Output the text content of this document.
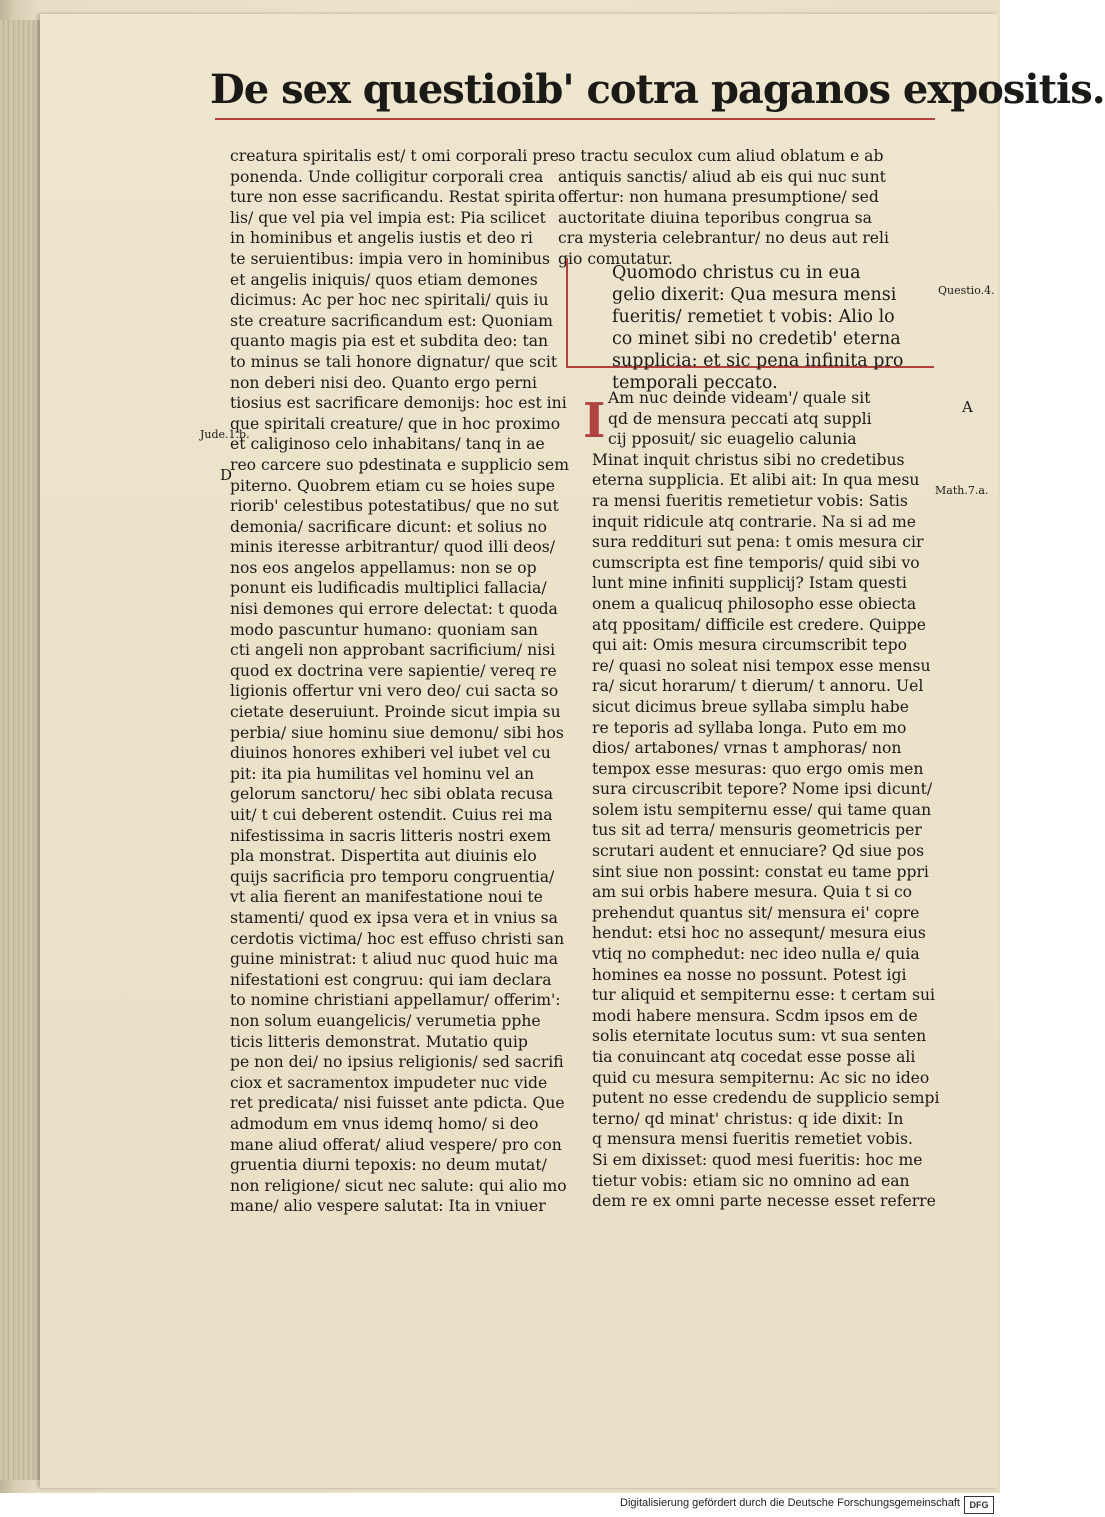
De sex questioib' cotra paganos expositis.
creatura spiritalis est/ t omi corporali pre
ponenda. Unde colligitur corporali crea
ture non esse sacrificandu. Restat spirita
lis/ que vel pia vel impia est: Pia scilicet
in hominibus et angelis iustis et deo ri
te seruientibus: impia vero in hominibus
et angelis iniquis/ quos etiam demones
dicimus: Ac per hoc nec spiritali/ quis iu
ste creature sacrificandum est: Quoniam
quanto magis pia est et subdita deo: tan
to minus se tali honore dignatur/ que scit
non deberi nisi deo. Quanto ergo perni
tiosius est sacrificare demonijs: hoc est ini
que spiritali creature/ que in hoc proximo
et caliginoso celo inhabitans/ tanq in ae
reo carcere suo pdestinata e supplicio sem
piterno. Quobrem etiam cu se hoies supe
riorib' celestibus potestatibus/ que no sut
demonia/ sacrificare dicunt: et solius no
minis iteresse arbitrantur/ quod illi deos/
nos eos angelos appellamus: non se op
ponunt eis ludificadis multiplici fallacia/
nisi demones qui errore delectat: t quoda
modo pascuntur humano: quoniam san
cti angeli non approbant sacrificium/ nisi
quod ex doctrina vere sapientie/ vereq re
ligionis offertur vni vero deo/ cui sacta so
cietate deseruiunt. Proinde sicut impia su
perbia/ siue hominu siue demonu/ sibi hos
diuinos honores exhiberi vel iubet vel cu
pit: ita pia humilitas vel hominu vel an
gelorum sanctoru/ hec sibi oblata recusa
uit/ t cui deberent ostendit. Cuius rei ma
nifestissima in sacris litteris nostri exem
pla monstrat. Dispertita aut diuinis elo
quijs sacrificia pro temporu congruentia/
vt alia fierent an manifestatione noui te
stamenti/ quod ex ipsa vera et in vnius sa
cerdotis victima/ hoc est effuso christi san
guine ministrat: t aliud nuc quod huic ma
nifestationi est congruu: qui iam declara
to nomine christiani appellamur/ offerim':
non solum euangelicis/ verumetia pphe
ticis litteris demonstrat. Mutatio quip
pe non dei/ no ipsius religionis/ sed sacrifi
ciox et sacramentox impudeter nuc vide
ret predicata/ nisi fuisset ante pdicta. Que
admodum em vnus idemq homo/ si deo
mane aliud offerat/ aliud vespere/ pro con
gruentia diurni tepoxis: no deum mutat/
non religione/ sicut nec salute: qui alio mo
mane/ alio vespere salutat: Ita in vniuer
so tractu seculox cum aliud oblatum e ab
antiquis sanctis/ aliud ab eis qui nuc sunt
offertur: non humana presumptione/ sed
auctoritate diuina teporibus congrua sa
cra mysteria celebrantur/ no deus aut reli
gio comutatur.
Quomodo christus cu in eua
gelio dixerit: Qua mesura mensi
fueritis/ remetiet t vobis: Alio lo
co minet sibi no credetib' eterna
supplicia: et sic pena infinita pro
temporali peccato.
I Am nuc deinde videam'/ quale sit
qd de mensura peccati atq suppli
cij pposuit/ sic euagelio calunia
Minat inquit christus sibi no credetibus
eterna supplicia. Et alibi ait: In qua mesu
ra mensi fueritis remetietur vobis: Satis
inquit ridicule atq contrarie. Na si ad me
sura reddituri sut pena: t omis mesura cir
cumscripta est fine temporis/ quid sibi vo
lunt mine infiniti supplicij? Istam questi
onem a qualicuq philosopho esse obiecta
atq ppositam/ difficile est credere. Quippe
qui ait: Omis mesura circumscribit tepo
re/ quasi no soleat nisi tempox esse mensu
ra/ sicut horarum/ t dierum/ t annoru. Uel
sicut dicimus breue syllaba simplu habe
re teporis ad syllaba longa. Puto em mo
dios/ artabones/ vrnas t amphoras/ non
tempox esse mesuras: quo ergo omis men
sura circuscribit tepore? Nome ipsi dicunt/
solem istu sempiternu esse/ qui tame quan
tus sit ad terra/ mensuris geometricis per
scrutari audent et ennuciare? Qd siue pos
sint siue non possint: constat eu tame ppri
am sui orbis habere mesura. Quia t si co
prehendut quantus sit/ mensura ei' copre
hendut: etsi hoc no assequnt/ mesura eius
vtiq no comphedut: nec ideo nulla e/ quia
homines ea nosse no possunt. Potest igi
tur aliquid et sempiternu esse: t certam sui
modi habere mensura. Scdm ipsos em de
solis eternitate locutus sum: vt sua senten
tia conuincant atq cocedat esse posse ali
quid cu mesura sempiternu: Ac sic no ideo
putent no esse credendu de supplicio sempi
terno/ qd minat' christus: q ide dixit: In
q mensura mensi fueritis remetiet vobis.
Si em dixisset: quod mesi fueritis: hoc me
tietur vobis: etiam sic no omnino ad ean
dem re ex omni parte necesse esset referre
Jude.1.b.
D
Questio.4.
A
Math.7.a.
Digitalisierung gefördert durch die Deutsche Forschungsgemeinschaft	DFG
